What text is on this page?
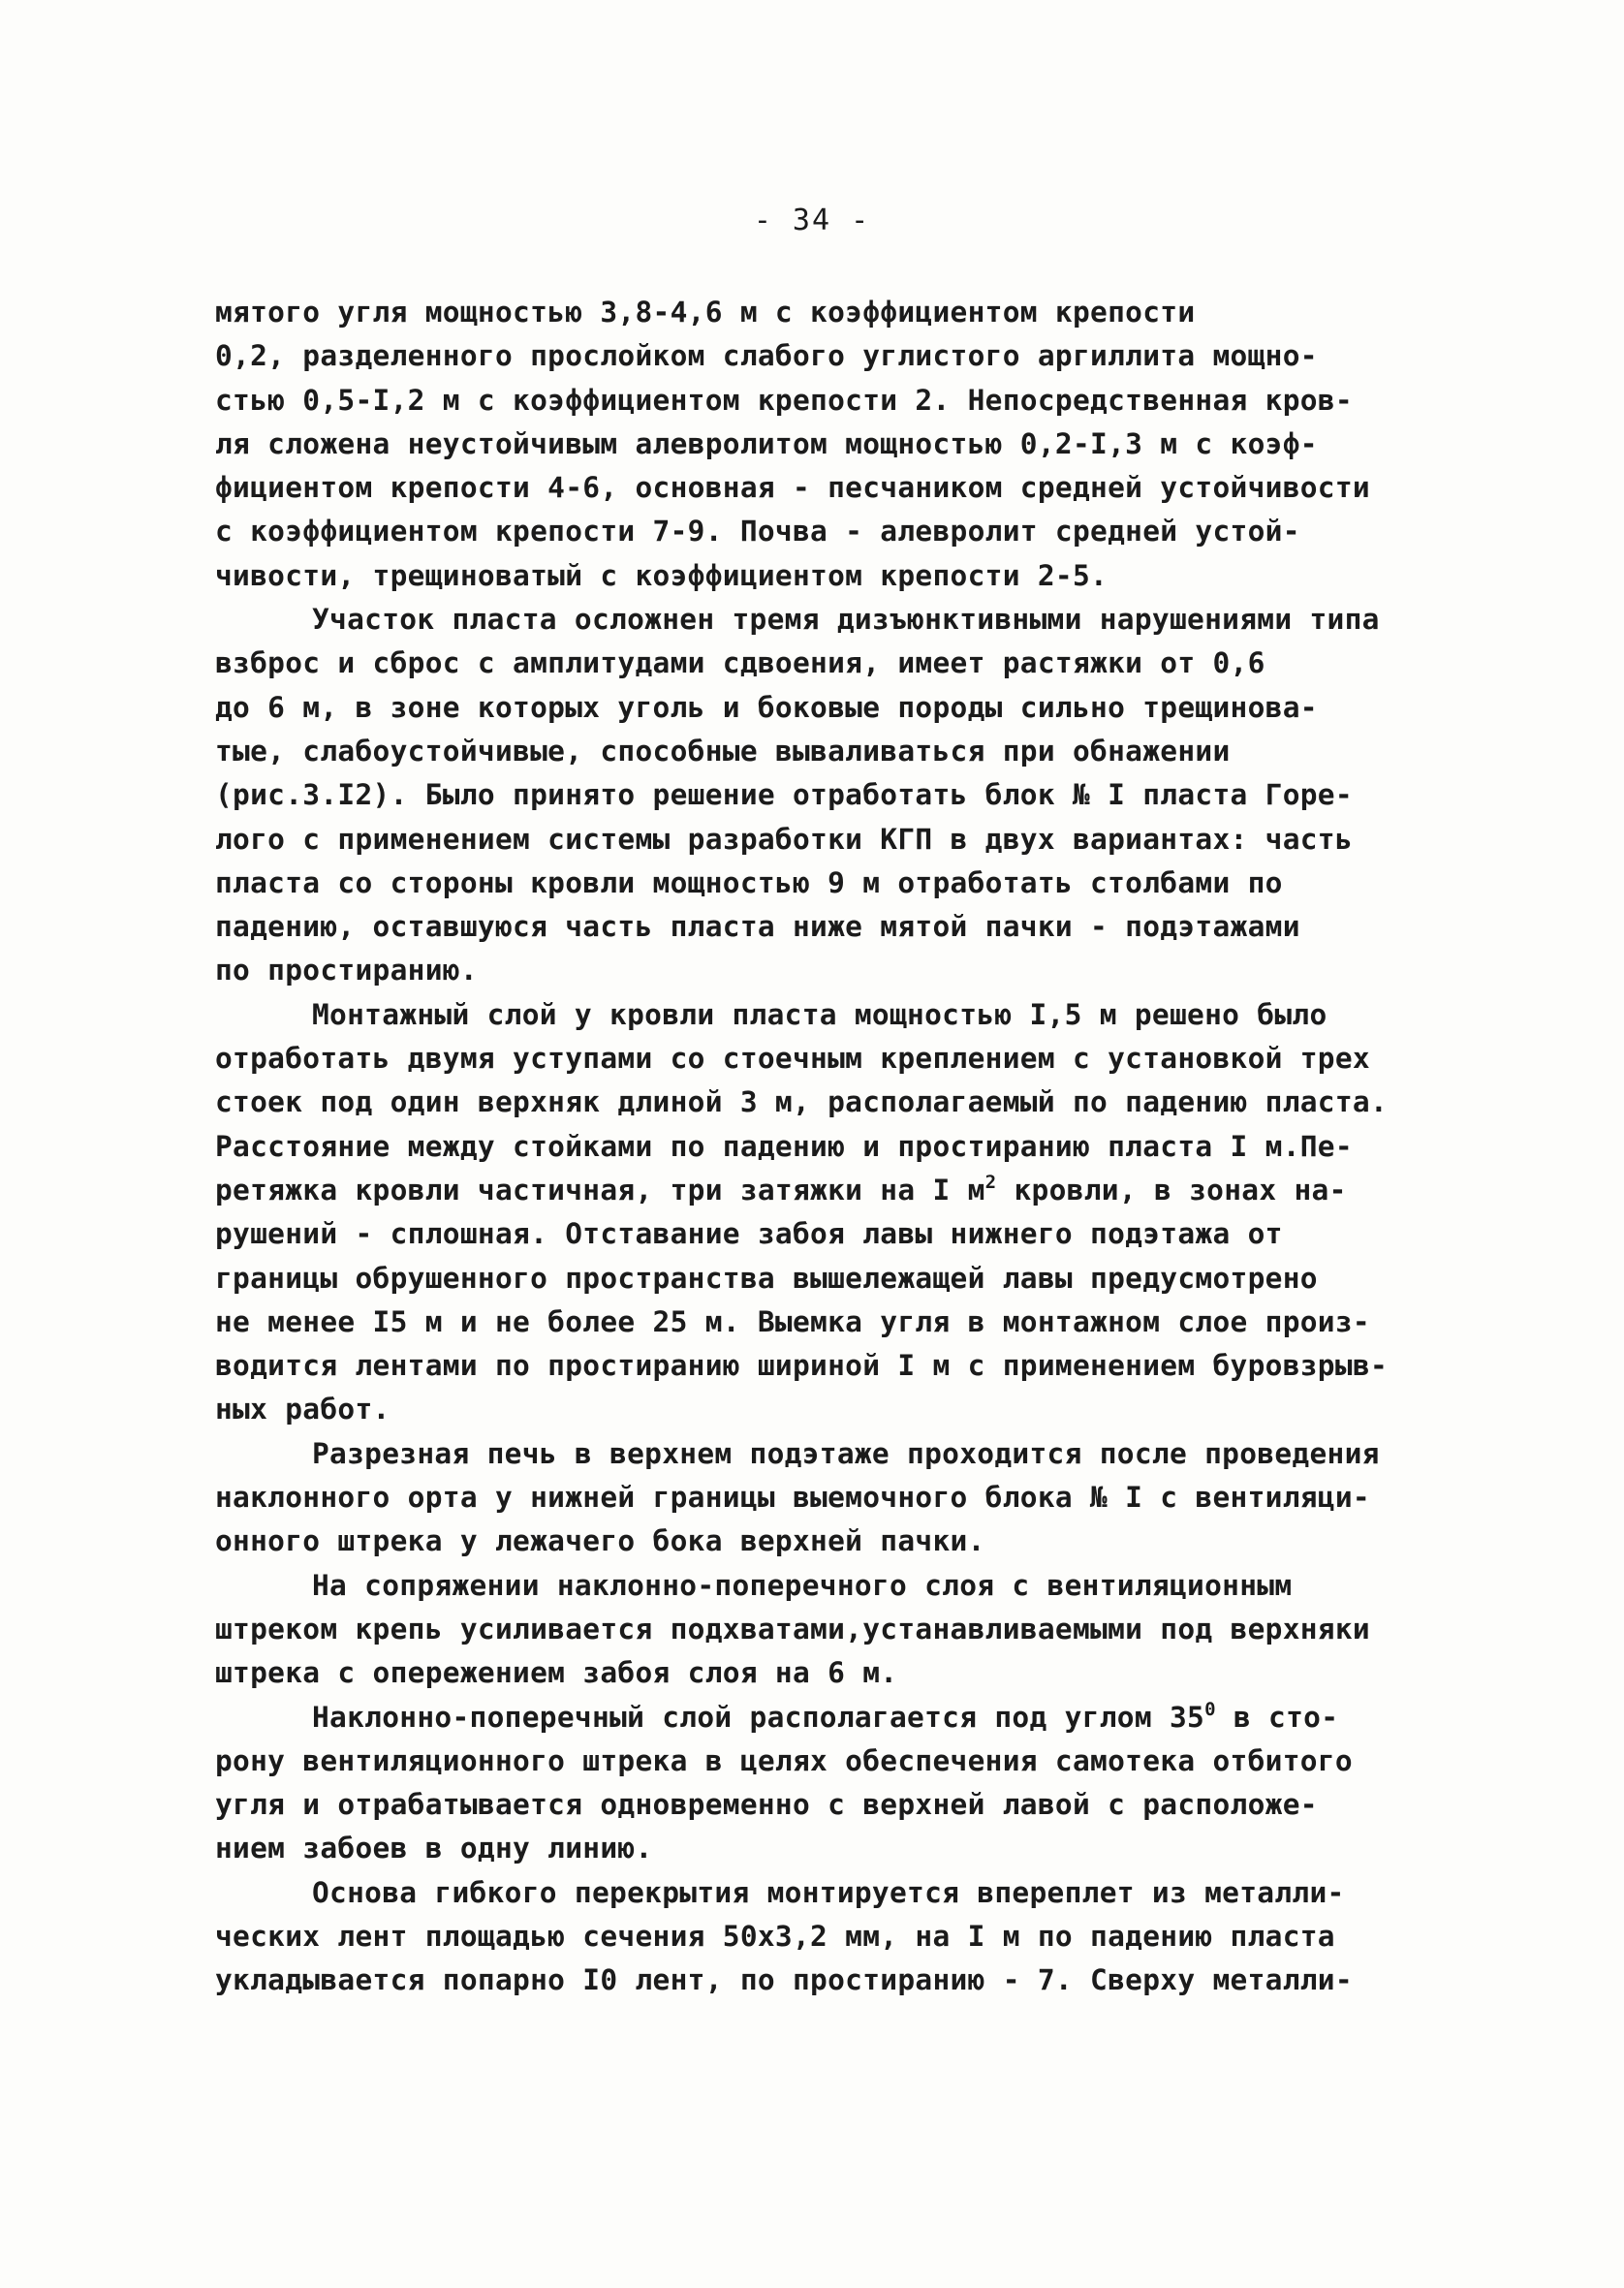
- 34 -
мятого угля мощностью 3,8-4,6 м с коэффициентом крепости
0,2, разделенного прослойком слабого углистого аргиллита мощно-
стью 0,5-I,2 м с коэффициентом крепости 2. Непосредственная кров-
ля сложена неустойчивым алевролитом мощностью 0,2-I,3 м с коэф-
фициентом крепости 4-6, основная - песчаником средней устойчивости
с коэффициентом крепости 7-9. Почва - алевролит средней устой-
чивости, трещиноватый с коэффициентом крепости 2-5.
Участок пласта осложнен тремя дизъюнктивными нарушениями типа
взброс и сброс с амплитудами сдвоения, имеет растяжки от 0,6
до 6 м, в зоне которых уголь и боковые породы сильно трещинова-
тые, слабоустойчивые, способные вываливаться при обнажении
(рис.3.I2). Было принято решение отработать блок № I пласта Горе-
лого с применением системы разработки КГП в двух вариантах: часть
пласта со стороны кровли мощностью 9 м отработать столбами по
падению, оставшуюся часть пласта ниже мятой пачки - подэтажами
по простиранию.
Монтажный слой у кровли пласта мощностью I,5 м решено было
отработать двумя уступами со стоечным креплением с установкой трех
стоек под один верхняк длиной 3 м, располагаемый по падению пласта.
Расстояние между стойками по падению и простиранию пласта I м.Пе-
ретяжка кровли частичная, три затяжки на I $м^2$ кровли, в зонах на-
рушений - сплошная. Отставание забоя лавы нижнего подэтажа от
границы обрушенного пространства вышележащей лавы предусмотрено
не менее I5 м и не более 25 м. Выемка угля в монтажном слое произ-
водится лентами по простиранию шириной I м с применением буровзрыв-
ных работ.
Разрезная печь в верхнем подэтаже проходится после проведения
наклонного орта у нижней границы выемочного блока № I с вентиляци-
онного штрека у лежачего бока верхней пачки.
На сопряжении наклонно-поперечного слоя с вентиляционным
штреком крепь усиливается подхватами,устанавливаемыми под верхняки
штрека с опережением забоя слоя на 6 м.
Наклонно-поперечный слой располагается под углом $35^0$ в сто-
рону вентиляционного штрека в целях обеспечения самотека отбитого
угля и отрабатывается одновременно с верхней лавой с расположе-
нием забоев в одну линию.
Основа гибкого перекрытия монтируется вперeплет из металли-
ческих лент площадью сечения 50х3,2 мм, на I м по падению пласта
укладывается попарно I0 лент, по простиранию - 7. Сверху металли-
